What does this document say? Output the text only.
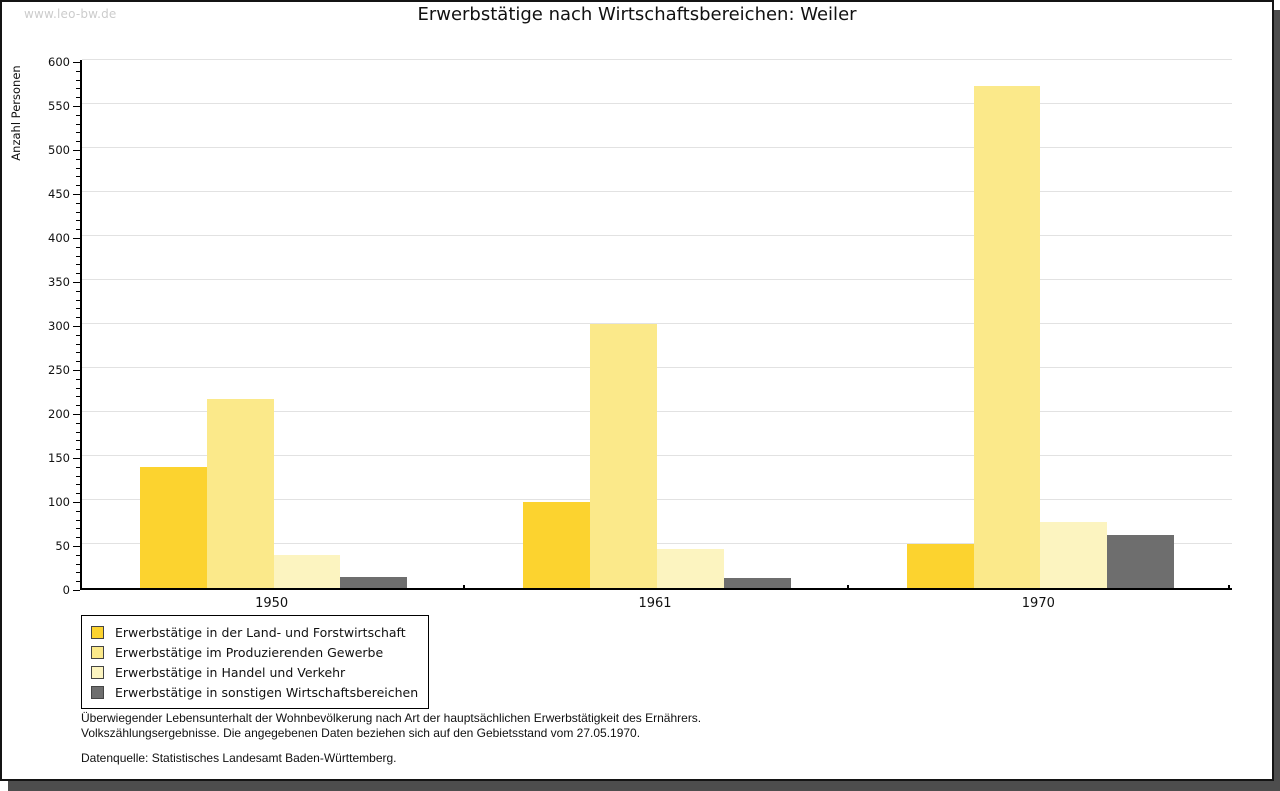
www.leo-bw.de	Erwerbstätige nach Wirtschaftsbereichen: Weiler
Anzahl Personen
0
50
100
150
200
250
300
350
400
450
500
550
600
1950	1961	1970
Erwerbstätige in der Land- und Forstwirtschaft
Erwerbstätige im Produzierenden Gewerbe
Erwerbstätige in Handel und Verkehr
Erwerbstätige in sonstigen Wirtschaftsbereichen
Überwiegender Lebensunterhalt der Wohnbevölkerung nach Art der hauptsächlichen Erwerbstätigkeit des Ernährers.
Volkszählungsergebnisse. Die angegebenen Daten beziehen sich auf den Gebietsstand vom 27.05.1970.
Datenquelle: Statistisches Landesamt Baden-Württemberg.
